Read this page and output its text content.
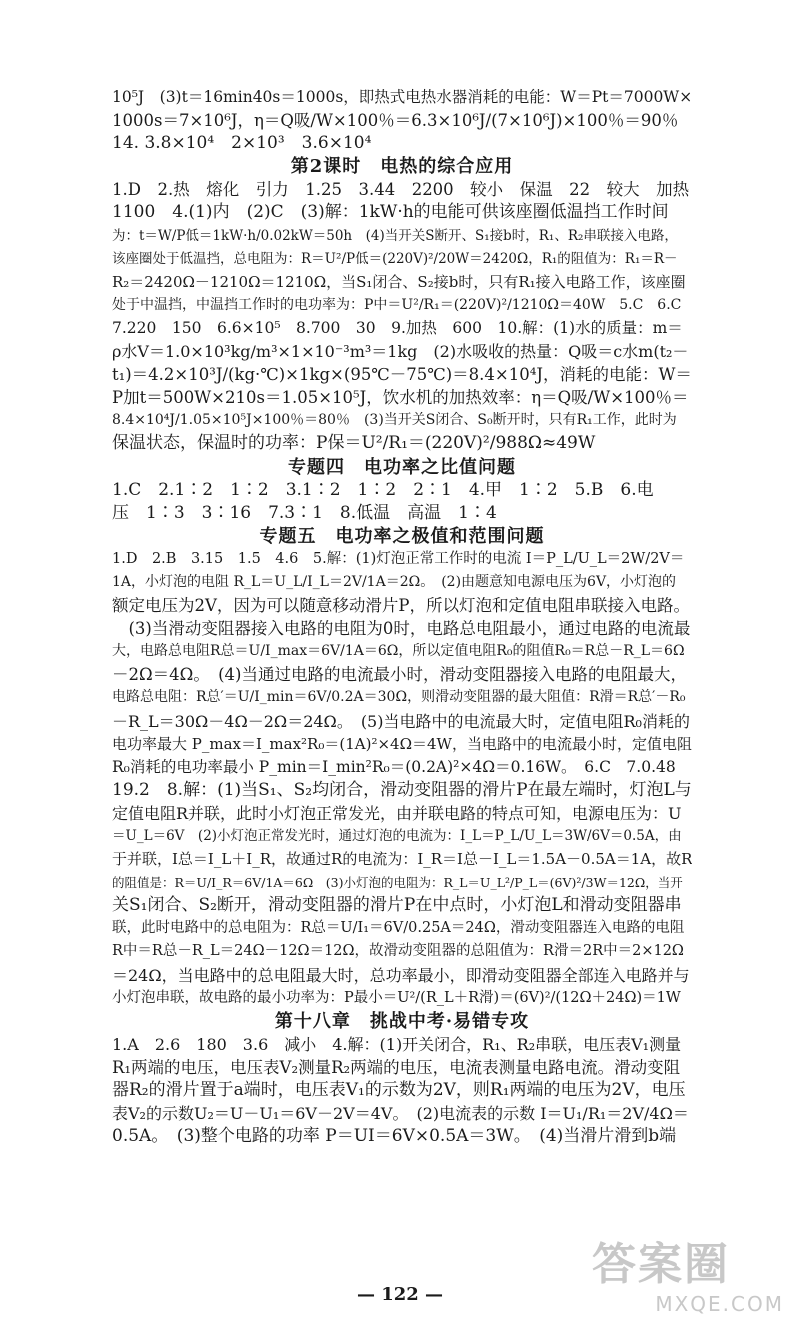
10⁵J　(3)t＝16min40s＝1000s，即热式电热水器消耗的电能：W＝Pt＝7000W×
1000s＝7×10⁶J，η＝Q吸/W×100％＝6.3×10⁶J/(7×10⁶J)×100％＝90％
14. 3.8×10⁴　2×10³　3.6×10⁴
第2课时　电热的综合应用
1.D　2.热　熔化　引力　1.25　3.44　2200　较小　保温　22　较大　加热
1100　4.(1)内　(2)C　(3)解：1kW·h的电能可供该座圈低温挡工作时间
为：t＝W/P低＝1kW·h/0.02kW＝50h　(4)当开关S断开、S₁接b时，R₁、R₂串联接入电路，
该座圈处于低温挡，总电阻为：R＝U²/P低＝(220V)²/20W＝2420Ω，R₁的阻值为：R₁＝R－
R₂＝2420Ω－1210Ω＝1210Ω，当S₁闭合、S₂接b时，只有R₁接入电路工作，该座圈
处于中温挡，中温挡工作时的电功率为：P中＝U²/R₁＝(220V)²/1210Ω＝40W　5.C　6.C
7.220　150　6.6×10⁵　8.700　30　9.加热　600　10.解：(1)水的质量：m＝
ρ水V＝1.0×10³kg/m³×1×10⁻³m³＝1kg　(2)水吸收的热量：Q吸＝c水m(t₂－
t₁)＝4.2×10³J/(kg·℃)×1kg×(95℃－75℃)＝8.4×10⁴J，消耗的电能：W＝
P加t＝500W×210s＝1.05×10⁵J，饮水机的加热效率：η＝Q吸/W×100％＝
8.4×10⁴J/1.05×10⁵J×100％＝80％　(3)当开关S闭合、S₀断开时，只有R₁工作，此时为
保温状态，保温时的功率：P保＝U²/R₁＝(220V)²/988Ω≈49W
专题四　电功率之比值问题
1.C　2.1∶2　1∶2　3.1∶2　1∶2　2∶1　4.甲　1∶2　5.B　6.电
压　1∶3　3∶16　7.3∶1　8.低温　高温　1∶4
专题五　电功率之极值和范围问题
1.D　2.B　3.15　1.5　4.6　5.解：(1)灯泡正常工作时的电流 I＝P_L/U_L＝2W/2V＝
1A，小灯泡的电阻 R_L＝U_L/I_L＝2V/1A＝2Ω。　(2)由题意知电源电压为6V，小灯泡的
额定电压为2V，因为可以随意移动滑片P，所以灯泡和定值电阻串联接入电路。
　(3)当滑动变阻器接入电路的电阻为0时，电路总电阻最小，通过电路的电流最
大，电路总电阻R总＝U/I_max＝6V/1A＝6Ω，所以定值电阻R₀的阻值R₀＝R总－R_L＝6Ω
－2Ω＝4Ω。　(4)当通过电路的电流最小时，滑动变阻器接入电路的电阻最大，
电路总电阻：R总′＝U/I_min＝6V/0.2A＝30Ω，则滑动变阻器的最大阻值：R滑＝R总′－R₀
－R_L＝30Ω－4Ω－2Ω＝24Ω。　(5)当电路中的电流最大时，定值电阻R₀消耗的
电功率最大 P_max＝I_max²R₀＝(1A)²×4Ω＝4W，当电路中的电流最小时，定值电阻
R₀消耗的电功率最小 P_min＝I_min²R₀＝(0.2A)²×4Ω＝0.16W。　6.C　7.0.48
19.2　8.解：(1)当S₁、S₂均闭合，滑动变阻器的滑片P在最左端时，灯泡L与
定值电阻R并联，此时小灯泡正常发光，由并联电路的特点可知，电源电压为：U
＝U_L＝6V　(2)小灯泡正常发光时，通过灯泡的电流为：I_L＝P_L/U_L＝3W/6V＝0.5A，由
于并联，I总＝I_L＋I_R，故通过R的电流为：I_R＝I总－I_L＝1.5A－0.5A＝1A，故R
的阻值是：R＝U/I_R＝6V/1A＝6Ω　(3)小灯泡的电阻为：R_L＝U_L²/P_L＝(6V)²/3W＝12Ω，当开
关S₁闭合、S₂断开，滑动变阻器的滑片P在中点时，小灯泡L和滑动变阻器串
联，此时电路中的总电阻为：R总＝U/I₁＝6V/0.25A＝24Ω，滑动变阻器连入电路的电阻
R中＝R总－R_L＝24Ω－12Ω＝12Ω，故滑动变阻器的总阻值为：R滑＝2R中＝2×12Ω
＝24Ω，当电路中的总电阻最大时，总功率最小，即滑动变阻器全部连入电路并与
小灯泡串联，故电路的最小功率为：P最小＝U²/(R_L＋R滑)＝(6V)²/(12Ω＋24Ω)＝1W
第十八章　挑战中考·易错专攻
1.A　2.6　180　3.6　减小　4.解：(1)开关闭合，R₁、R₂串联，电压表V₁测量
R₁两端的电压，电压表V₂测量R₂两端的电压，电流表测量电路电流。滑动变阻
器R₂的滑片置于a端时，电压表V₁的示数为2V，则R₁两端的电压为2V，电压
表V₂的示数U₂＝U－U₁＝6V－2V＝4V。　(2)电流表的示数 I＝U₁/R₁＝2V/4Ω＝
0.5A。　(3)整个电路的功率 P＝UI＝6V×0.5A＝3W。　(4)当滑片滑到b端
— 122 —
答案圈
MXQE.COM
